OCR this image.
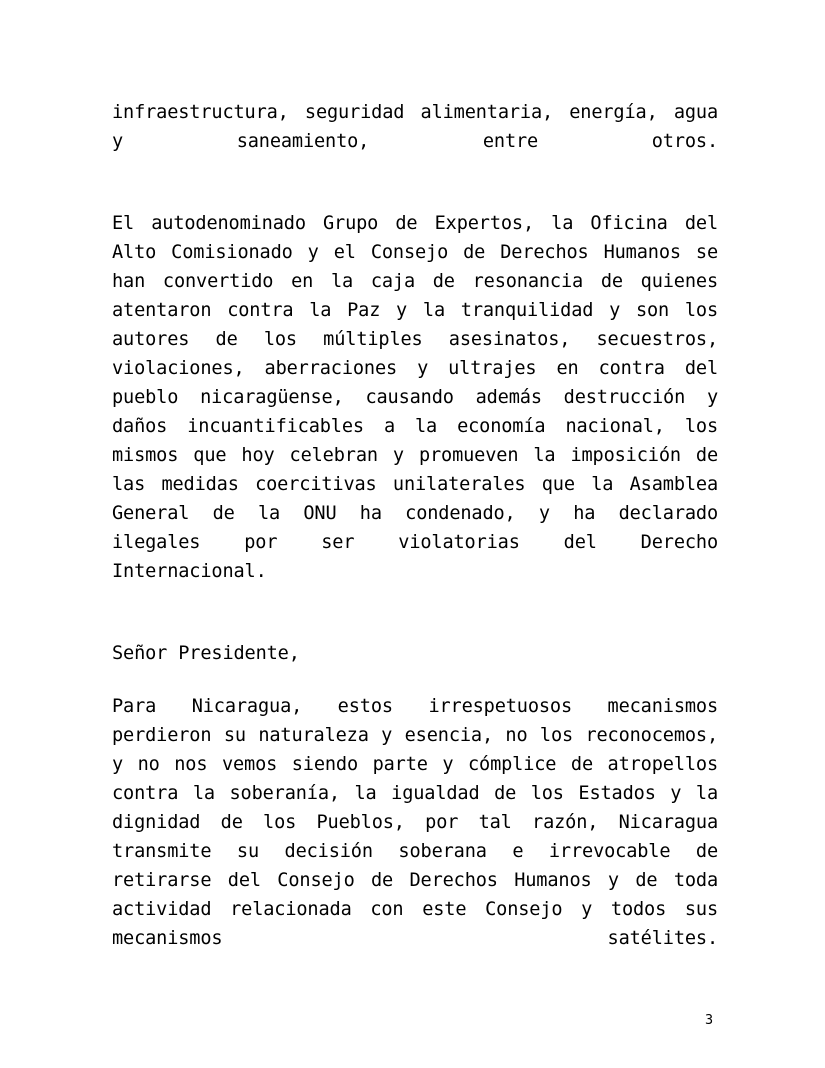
infraestructura, seguridad alimentaria, energía, agua y saneamiento, entre otros.

El autodenominado Grupo de Expertos, la Oficina del Alto Comisionado y el Consejo de Derechos Humanos se han convertido en la caja de resonancia de quienes atentaron contra la Paz y la tranquilidad y son los autores de los múltiples asesinatos, secuestros, violaciones, aberraciones y ultrajes en contra del pueblo nicaragüense, causando además destrucción y daños incuantificables a la economía nacional, los mismos que hoy celebran y promueven la imposición de las medidas coercitivas unilaterales que la Asamblea General de la ONU ha condenado, y ha declarado ilegales por ser violatorias del Derecho Internacional.

Señor Presidente,

Para Nicaragua, estos irrespetuosos mecanismos perdieron su naturaleza y esencia, no los reconocemos, y no nos vemos siendo parte y cómplice de atropellos contra la soberanía, la igualdad de los Estados y la dignidad de los Pueblos, por tal razón, Nicaragua transmite su decisión soberana e irrevocable de retirarse del Consejo de Derechos Humanos y de toda actividad relacionada con este Consejo y todos sus mecanismos satélites.

3
